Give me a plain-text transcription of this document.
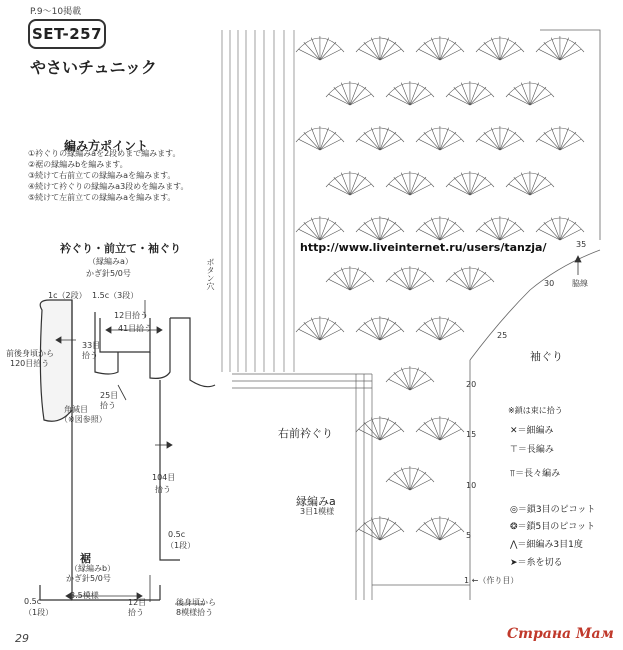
P.9～10掲載
SET-257
やさいチュニック
編み方ポイント
①衿ぐりの縁編みaを2段めまで編みます。
②裾の縁編みbを編みます。
③続けて右前立ての縁編みaを編みます。
④続けて衿ぐりの縁編みa3段めを編みます。
⑤続けて左前立ての縁編みaを編みます。
衿ぐり・前立て・袖ぐり
（縁編みa）
かぎ針5/0号
1c（2段） 1.5c（3段）
12目拾う
41目拾う
33目
拾う
前後身頃から
120目拾う
25目
拾う
角減目
（※図参照）
104目
拾う
0.5c
（1段）
裾
（縁編みb）
かぎ針5/0号
0.5c
（1段）
3.5模様
12目
拾う
後身頃から
8模様拾う
http://www.liveinternet.ru/users/tanzja/
ボタン穴
袖ぐり
右前衿ぐり
縁編みa
3目1模様
脇線
1 ←（作り目）
35
30
25
20
15
10
5
※鎖は束に拾う
✕＝細編み
⊤＝長編み
⫪＝長々編み
◎＝鎖3目のピコット
❂＝鎖5目のピコット
⋀＝細編み3目1度
➤＝糸を切る
29	Страна Мам
